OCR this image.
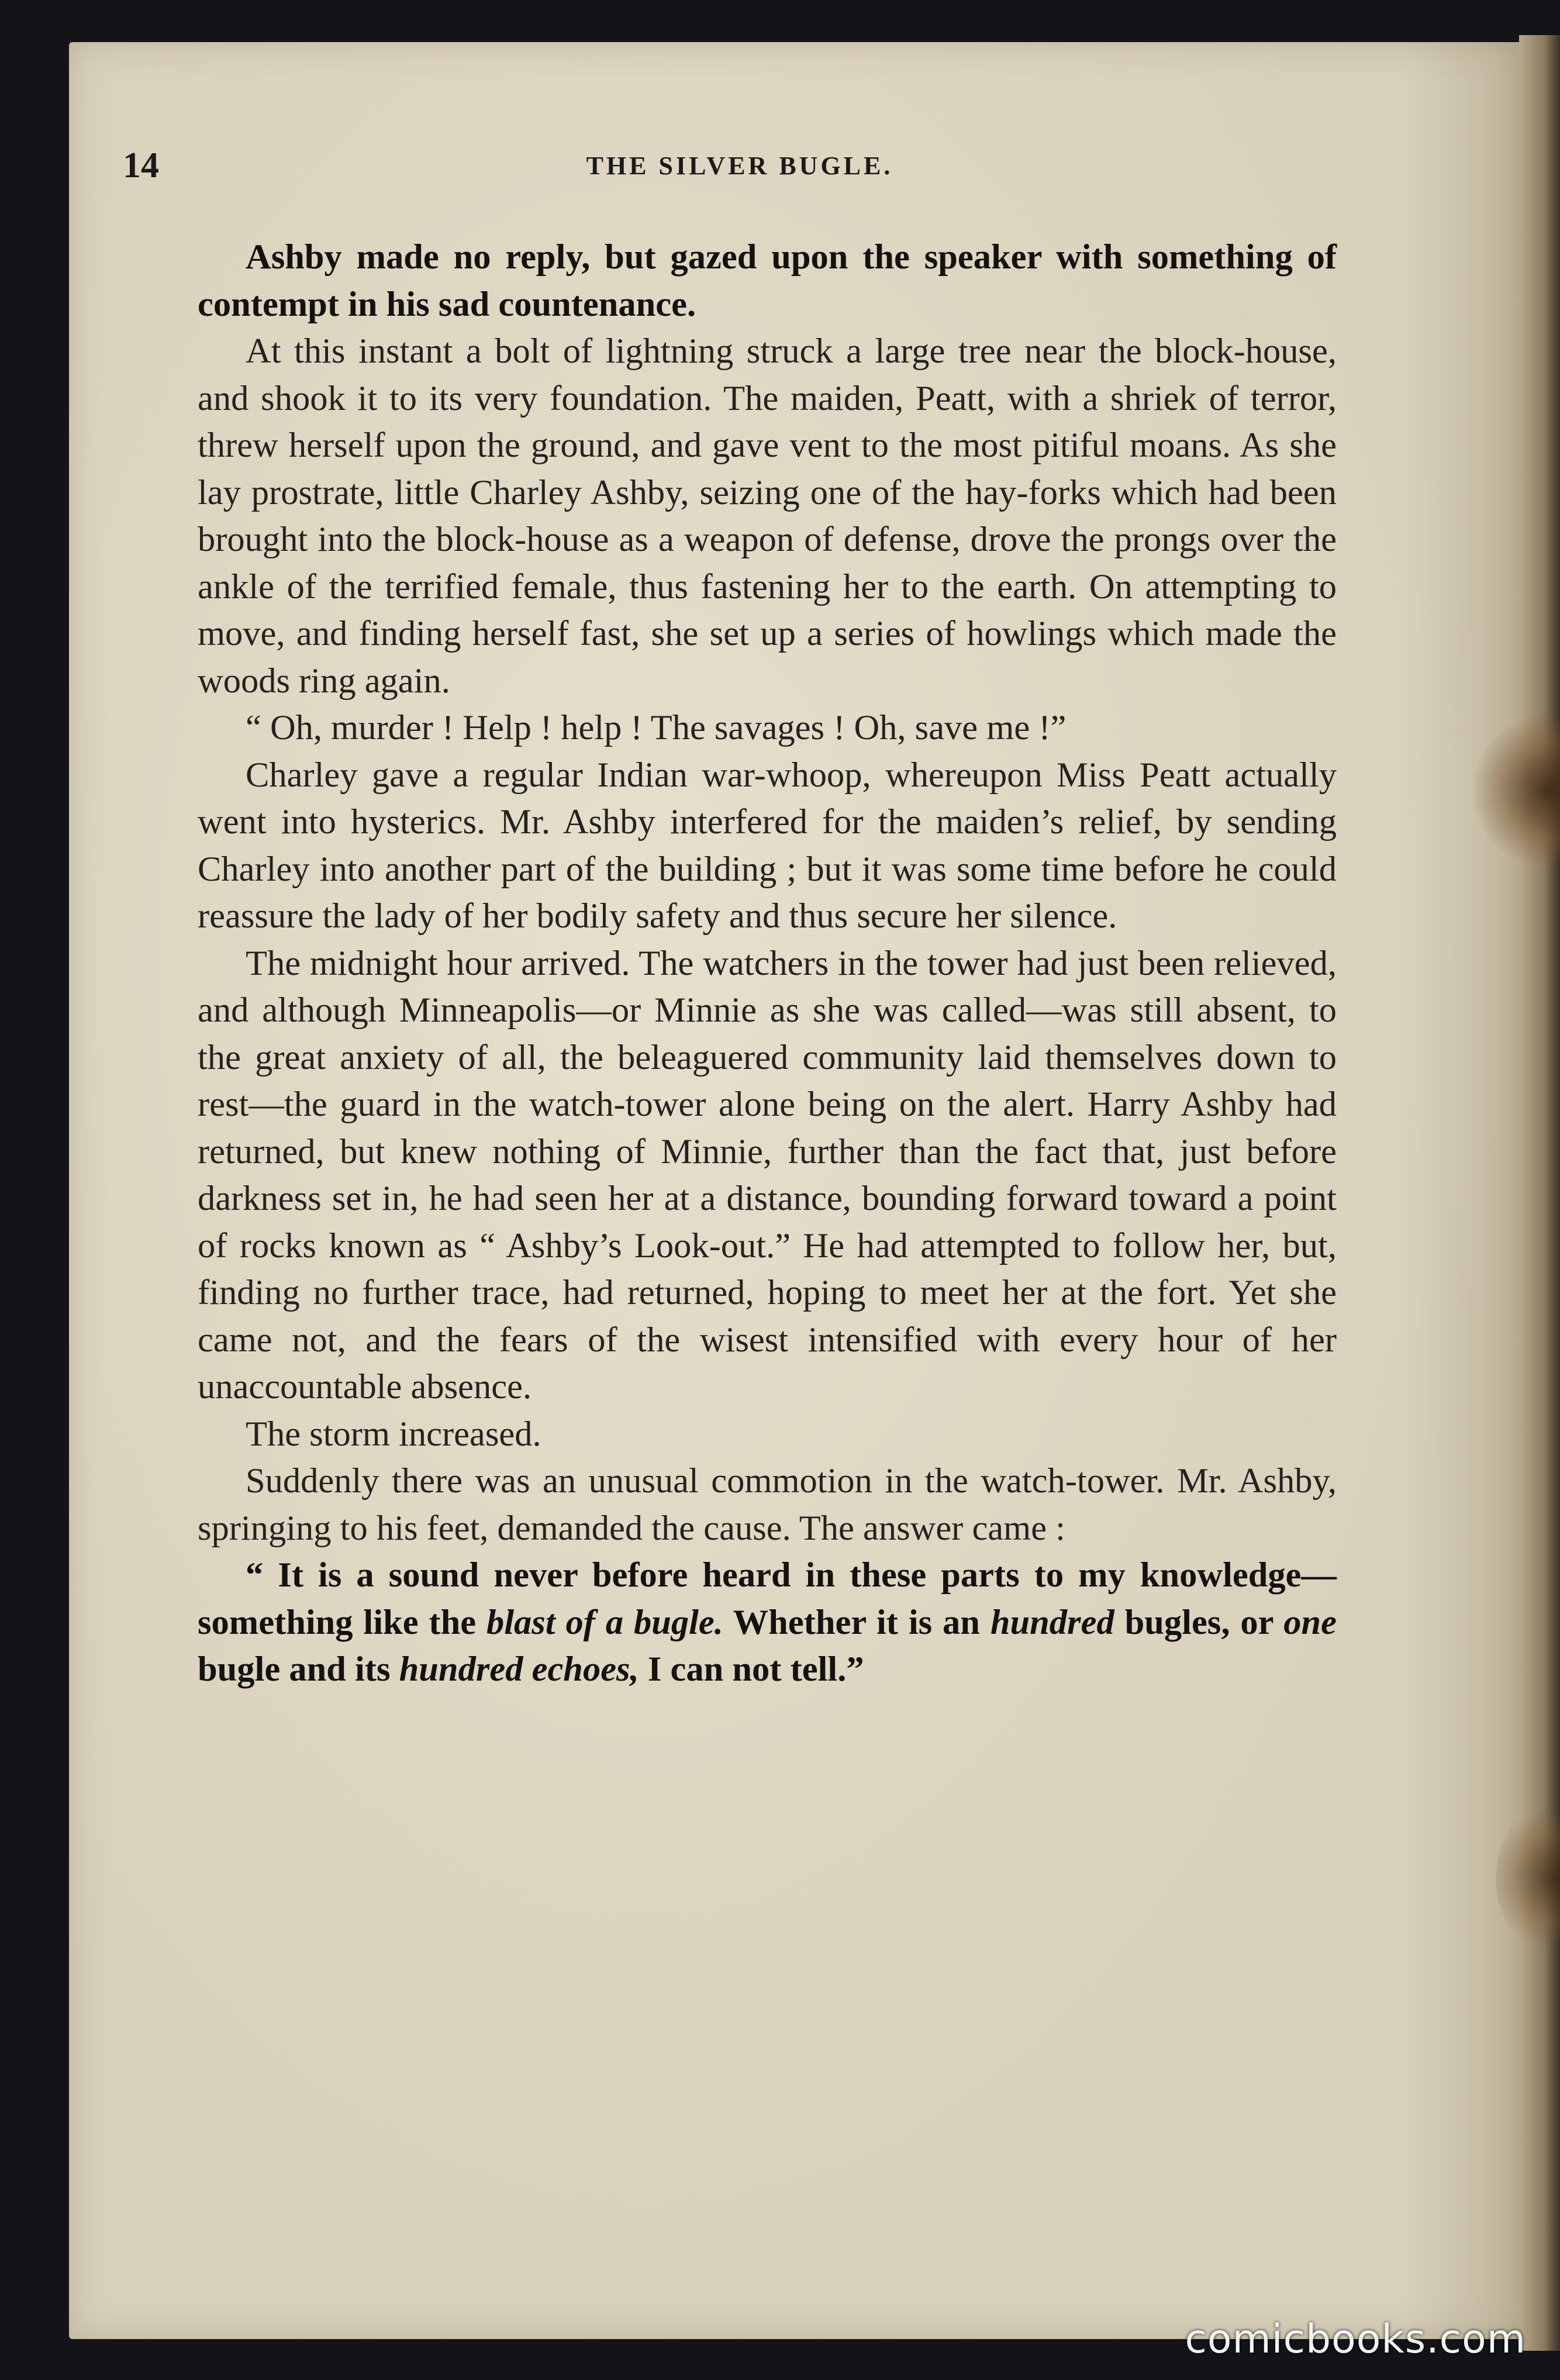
14	THE SILVER BUGLE.

Ashby made no reply, but gazed upon the speaker with something of contempt in his sad countenance.

At this instant a bolt of lightning struck a large tree near the block-house, and shook it to its very foundation. The maiden, Peatt, with a shriek of terror, threw herself upon the ground, and gave vent to the most pitiful moans. As she lay prostrate, little Charley Ashby, seizing one of the hay-forks which had been brought into the block-house as a weapon of defense, drove the prongs over the ankle of the terrified female, thus fastening her to the earth. On attempting to move, and finding herself fast, she set up a series of howlings which made the woods ring again.

“ Oh, murder ! Help ! help ! The savages ! Oh, save me !”

Charley gave a regular Indian war-whoop, whereupon Miss Peatt actually went into hysterics. Mr. Ashby interfered for the maiden’s relief, by sending Charley into another part of the building ; but it was some time before he could reassure the lady of her bodily safety and thus secure her silence.

The midnight hour arrived. The watchers in the tower had just been relieved, and although Minneapolis—or Minnie as she was called—was still absent, to the great anxiety of all, the beleaguered community laid themselves down to rest—the guard in the watch-tower alone being on the alert. Harry Ashby had returned, but knew nothing of Minnie, further than the fact that, just before darkness set in, he had seen her at a distance, bounding forward toward a point of rocks known as “ Ashby’s Look-out.” He had attempted to follow her, but, finding no further trace, had returned, hoping to meet her at the fort. Yet she came not, and the fears of the wisest intensified with every hour of her unaccountable absence.

The storm increased.

Suddenly there was an unusual commotion in the watch-tower. Mr. Ashby, springing to his feet, demanded the cause. The answer came :

“ It is a sound never before heard in these parts to my knowledge—something like the blast of a bugle. Whether it is an hundred bugles, or one bugle and its hundred echoes, I can not tell.”

comicbooks.com
